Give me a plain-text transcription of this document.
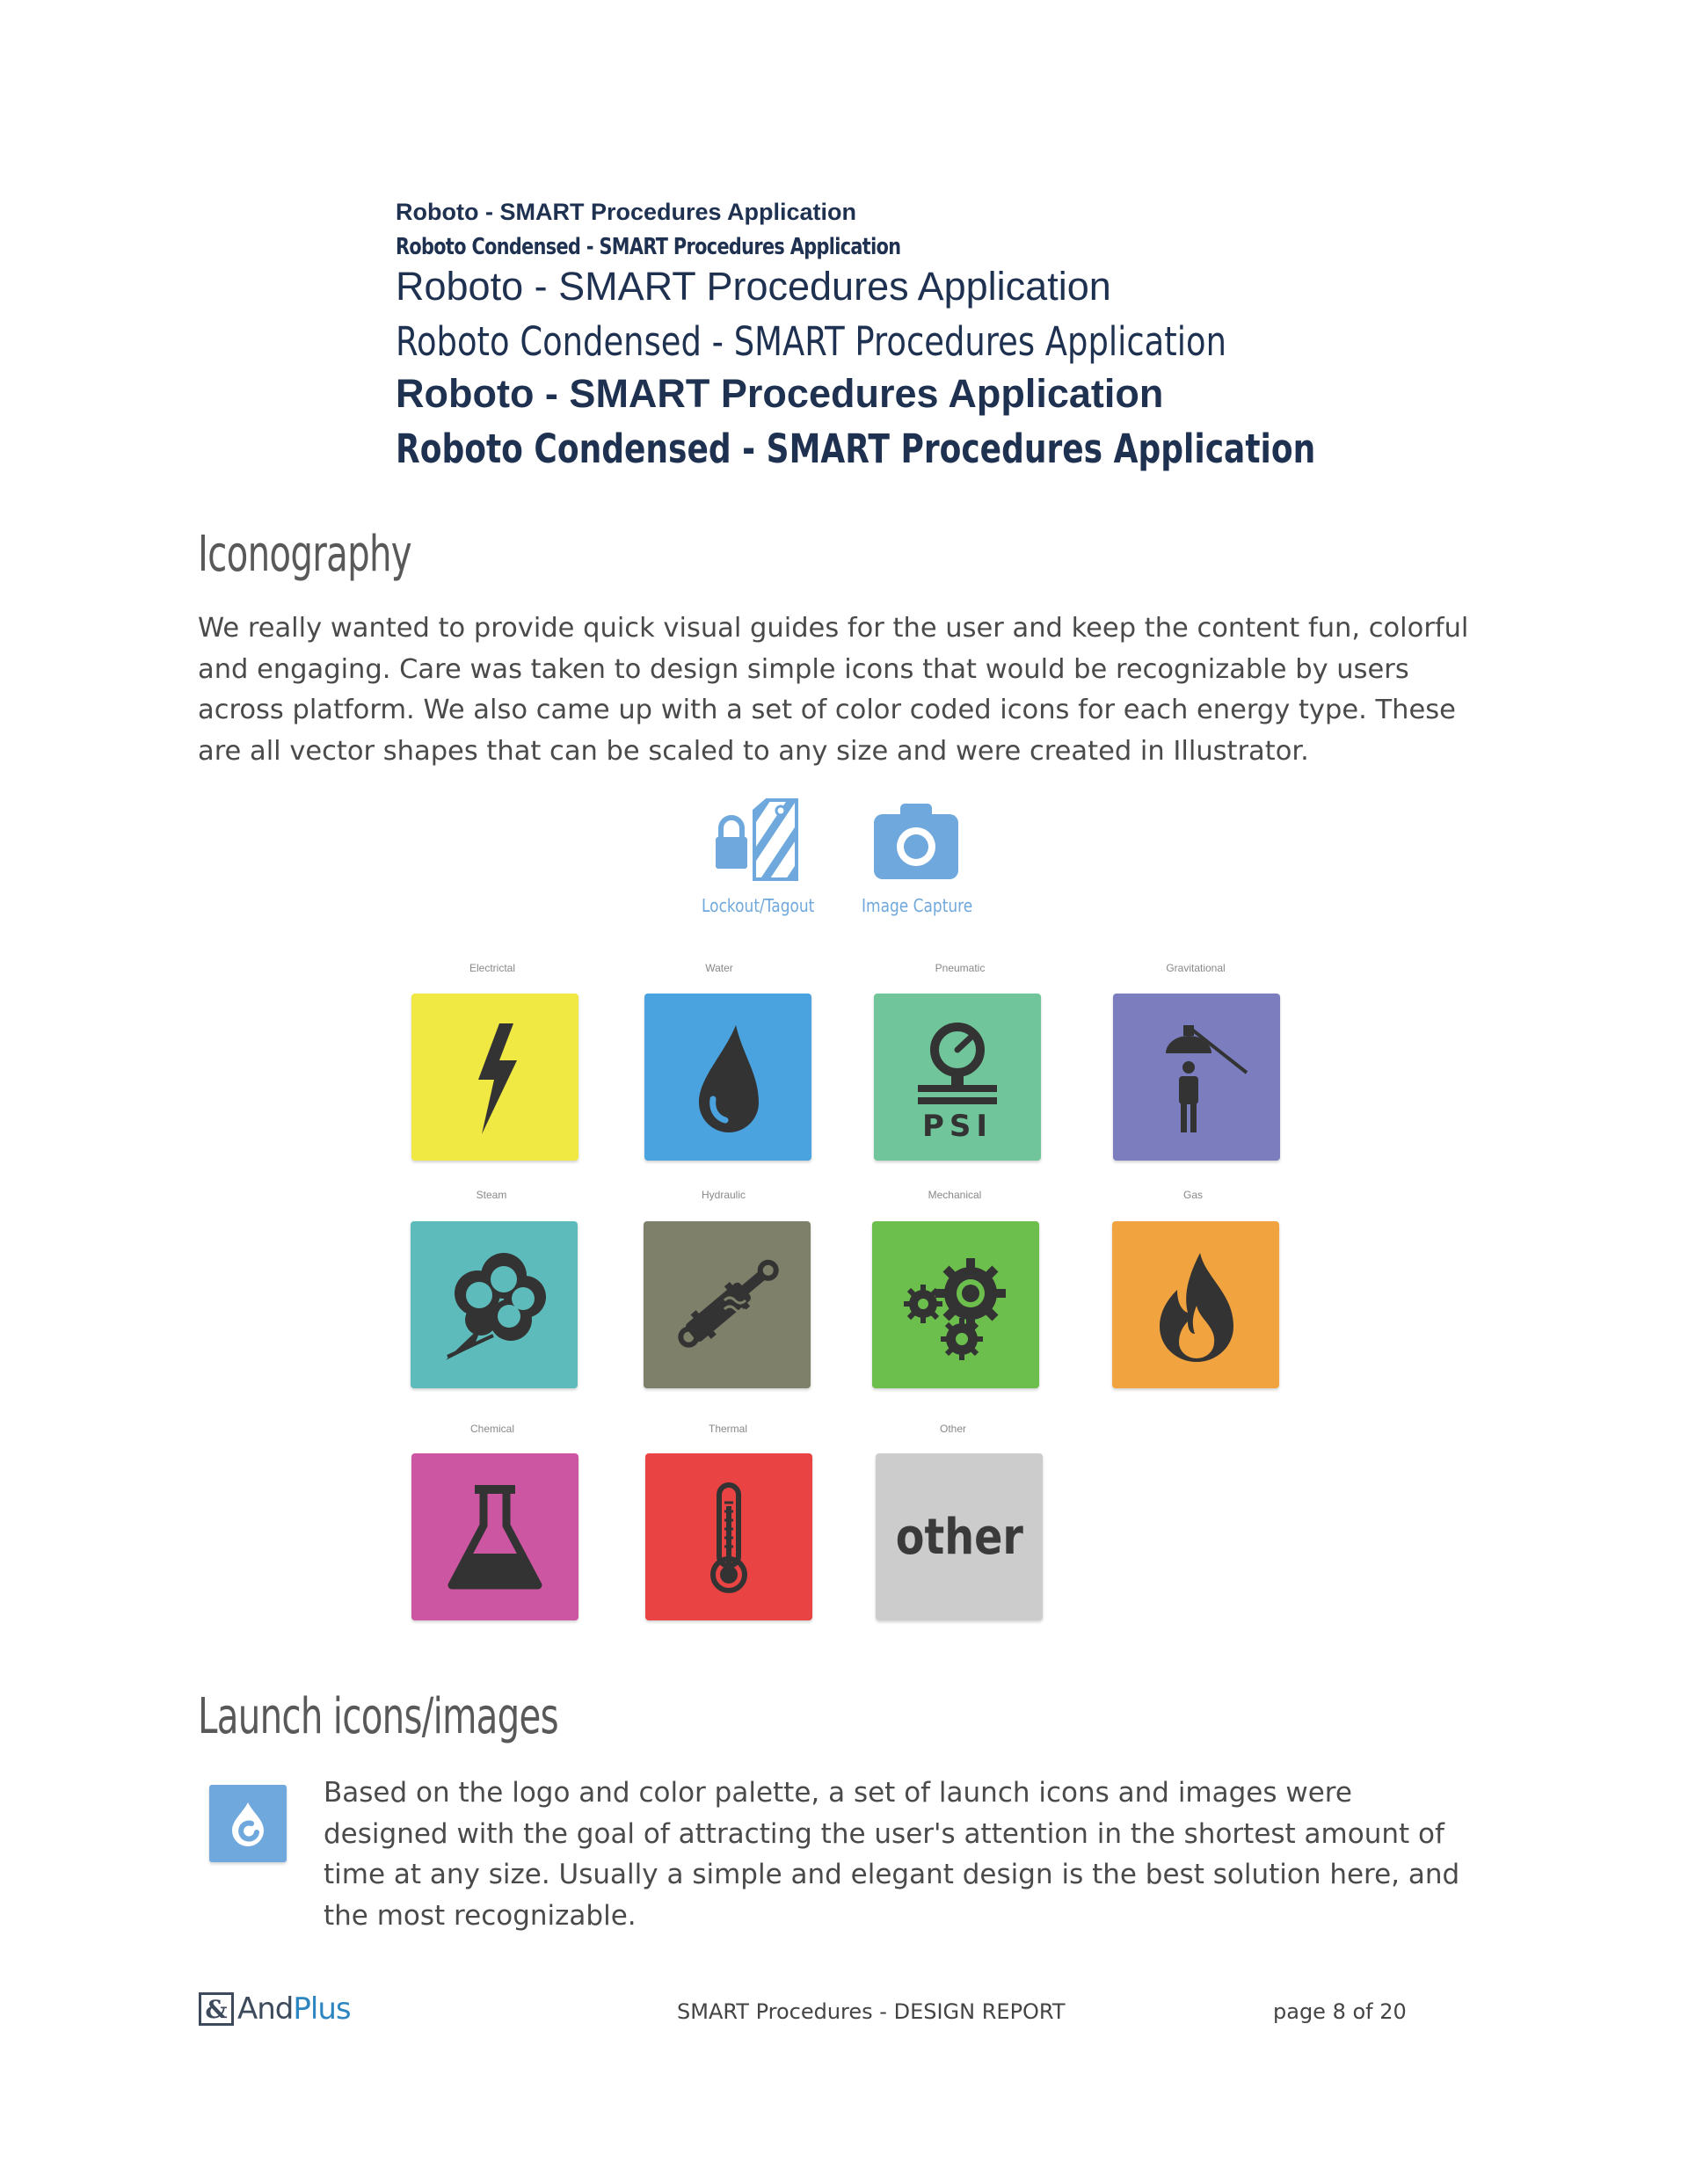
Roboto - SMART Procedures Application
Roboto Condensed - SMART Procedures Application
Roboto - SMART Procedures Application
Roboto Condensed - SMART Procedures Application
Roboto - SMART Procedures Application
Roboto Condensed - SMART Procedures Application
Iconography
We really wanted to provide quick visual guides for the user and keep the content fun, colorful and engaging. Care was taken to design simple icons that would be recognizable by users across platform. We also came up with a set of color coded icons for each energy type. These are all vector shapes that can be scaled to any size and were created in Illustrator.
Lockout/Tagout	Image Capture
Electrictal	Water	Pneumatic	Gravitational
PSI
Steam	Hydraulic	Mechanical	Gas
Chemical	Thermal	Other
other
Launch icons/images
Based on the logo and color palette, a set of launch icons and images were designed with the goal of attracting the user's attention in the shortest amount of time at any size. Usually a simple and elegant design is the best solution here, and the most recognizable.
& And Plus	SMART Procedures - DESIGN REPORT	page 8 of 20
